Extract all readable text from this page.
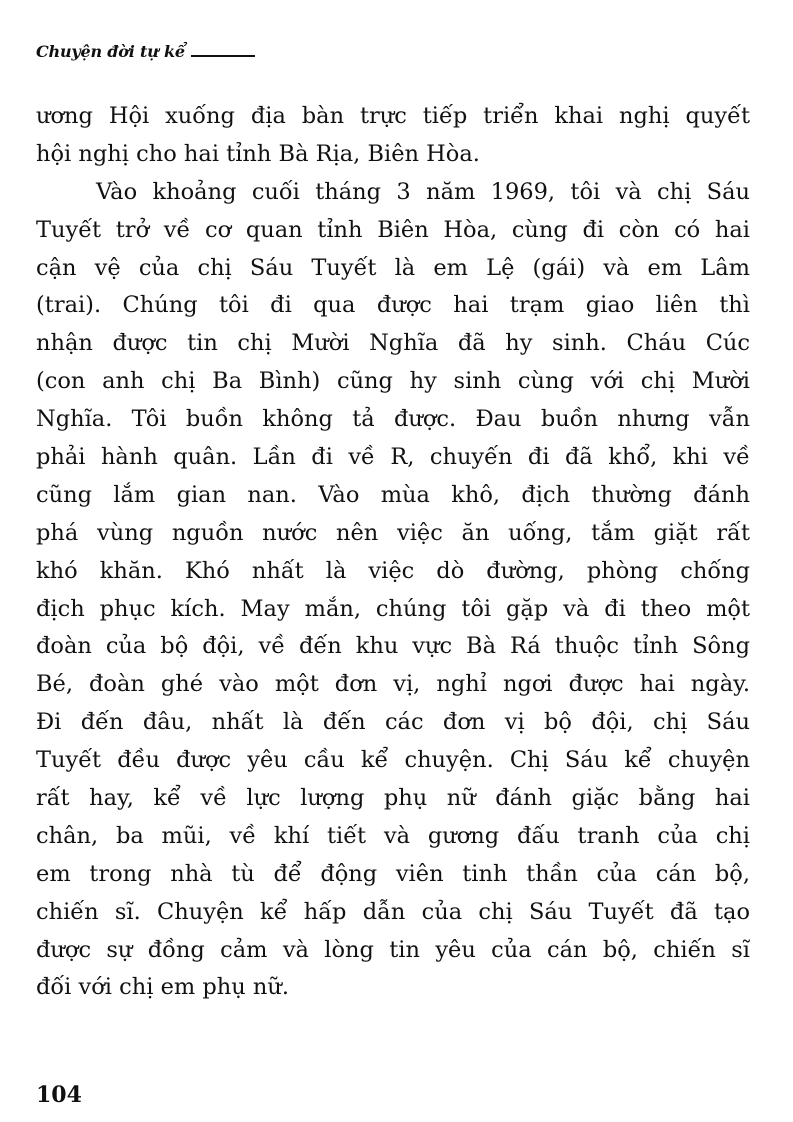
Chuyện đời tự kể
ương Hội xuống địa bàn trực tiếp triển khai nghị quyết
hội nghị cho hai tỉnh Bà Rịa, Biên Hòa.
Vào khoảng cuối tháng 3 năm 1969, tôi và chị Sáu
Tuyết trở về cơ quan tỉnh Biên Hòa, cùng đi còn có hai
cận vệ của chị Sáu Tuyết là em Lệ (gái) và em Lâm
(trai). Chúng tôi đi qua được hai trạm giao liên thì
nhận được tin chị Mười Nghĩa đã hy sinh. Cháu Cúc
(con anh chị Ba Bình) cũng hy sinh cùng với chị Mười
Nghĩa. Tôi buồn không tả được. Đau buồn nhưng vẫn
phải hành quân. Lần đi về R, chuyến đi đã khổ, khi về
cũng lắm gian nan. Vào mùa khô, địch thường đánh
phá vùng nguồn nước nên việc ăn uống, tắm giặt rất
khó khăn. Khó nhất là việc dò đường, phòng chống
địch phục kích. May mắn, chúng tôi gặp và đi theo một
đoàn của bộ đội, về đến khu vực Bà Rá thuộc tỉnh Sông
Bé, đoàn ghé vào một đơn vị, nghỉ ngơi được hai ngày.
Đi đến đâu, nhất là đến các đơn vị bộ đội, chị Sáu
Tuyết đều được yêu cầu kể chuyện. Chị Sáu kể chuyện
rất hay, kể về lực lượng phụ nữ đánh giặc bằng hai
chân, ba mũi, về khí tiết và gương đấu tranh của chị
em trong nhà tù để động viên tinh thần của cán bộ,
chiến sĩ. Chuyện kể hấp dẫn của chị Sáu Tuyết đã tạo
được sự đồng cảm và lòng tin yêu của cán bộ, chiến sĩ
đối với chị em phụ nữ.
104
